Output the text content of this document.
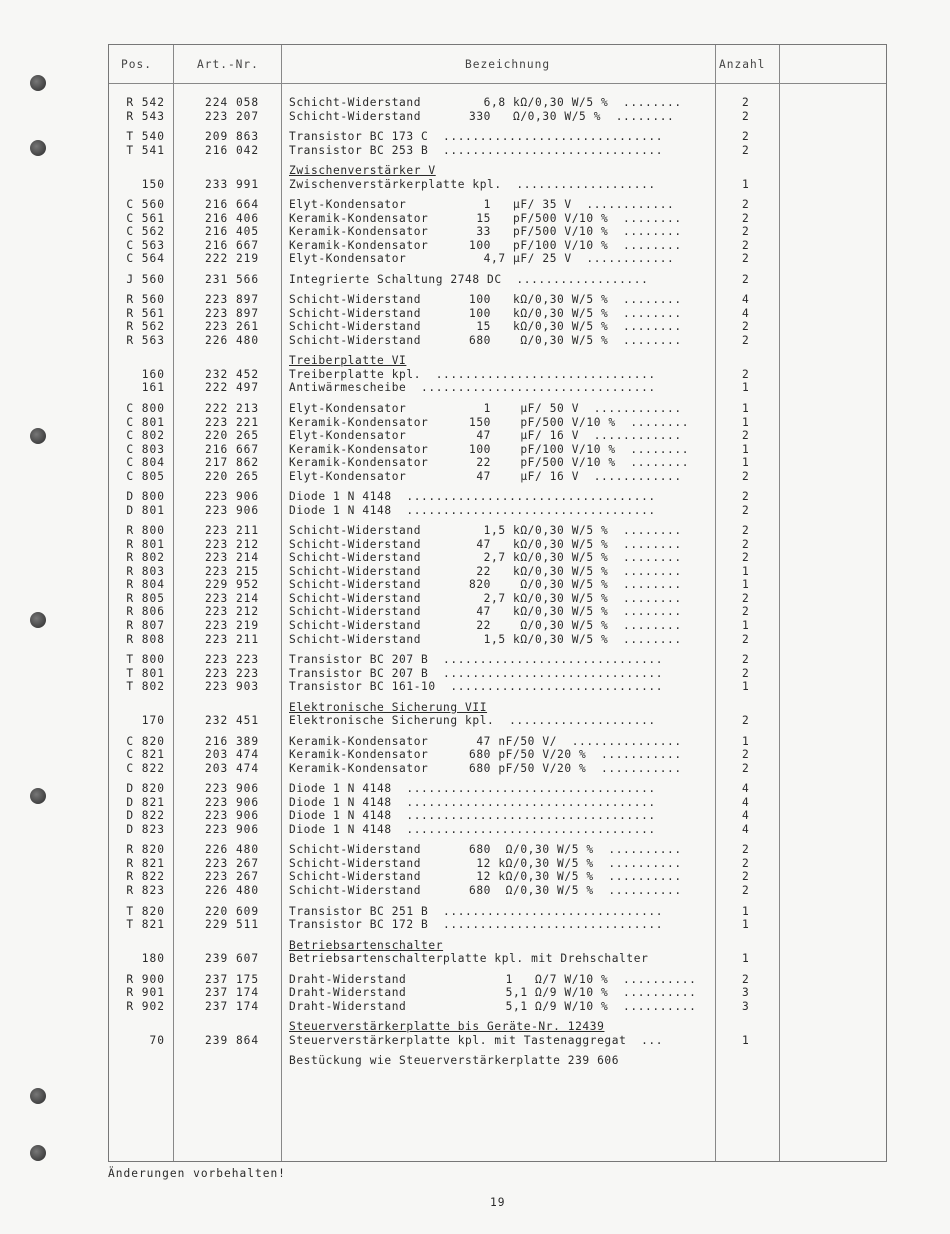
Pos.	Art.-Nr.	Bezeichnung	Anzahl
R 542	224 058	Schicht-Widerstand	6,8 kΩ/0,30 W/5 %  ........	2
R 543	223 207	Schicht-Widerstand	330   Ω/0,30 W/5 %  ........	2
T 540	209 863	Transistor BC 173 C  ..............................	2
T 541	216 042	Transistor BC 253 B  ..............................	2
Zwischenverstärker V
150	233 991	Zwischenverstärkerplatte kpl.  ...................	1
C 560	216 664	Elyt-Kondensator	1   µF/ 35 V  ............	2
C 561	216 406	Keramik-Kondensator	15   pF/500 V/10 %  ........	2
C 562	216 405	Keramik-Kondensator	33   pF/500 V/10 %  ........	2
C 563	216 667	Keramik-Kondensator	100   pF/100 V/10 %  ........	2
C 564	222 219	Elyt-Kondensator	4,7 µF/ 25 V  ............	2
J 560	231 566	Integrierte Schaltung 2748 DC  ..................	2
R 560	223 897	Schicht-Widerstand	100   kΩ/0,30 W/5 %  ........	4
R 561	223 897	Schicht-Widerstand	100   kΩ/0,30 W/5 %  ........	4
R 562	223 261	Schicht-Widerstand	15   kΩ/0,30 W/5 %  ........	2
R 563	226 480	Schicht-Widerstand	680    Ω/0,30 W/5 %  ........	2
Treiberplatte VI
160	232 452	Treiberplatte kpl.  ..............................	2
161	222 497	Antiwärmescheibe  ................................	1
C 800	222 213	Elyt-Kondensator	1    µF/ 50 V  ............	1
C 801	223 221	Keramik-Kondensator	150    pF/500 V/10 %  ........	1
C 802	220 265	Elyt-Kondensator	47    µF/ 16 V  ............	2
C 803	216 667	Keramik-Kondensator	100    pF/100 V/10 %  ........	1
C 804	217 862	Keramik-Kondensator	22    pF/500 V/10 %  ........	1
C 805	220 265	Elyt-Kondensator	47    µF/ 16 V  ............	2
D 800	223 906	Diode 1 N 4148  ..................................	2
D 801	223 906	Diode 1 N 4148  ..................................	2
R 800	223 211	Schicht-Widerstand	1,5 kΩ/0,30 W/5 %  ........	2
R 801	223 212	Schicht-Widerstand	47   kΩ/0,30 W/5 %  ........	2
R 802	223 214	Schicht-Widerstand	2,7 kΩ/0,30 W/5 %  ........	2
R 803	223 215	Schicht-Widerstand	22   kΩ/0,30 W/5 %  ........	1
R 804	229 952	Schicht-Widerstand	820    Ω/0,30 W/5 %  ........	1
R 805	223 214	Schicht-Widerstand	2,7 kΩ/0,30 W/5 %  ........	2
R 806	223 212	Schicht-Widerstand	47   kΩ/0,30 W/5 %  ........	2
R 807	223 219	Schicht-Widerstand	22    Ω/0,30 W/5 %  ........	1
R 808	223 211	Schicht-Widerstand	1,5 kΩ/0,30 W/5 %  ........	2
T 800	223 223	Transistor BC 207 B  ..............................	2
T 801	223 223	Transistor BC 207 B  ..............................	2
T 802	223 903	Transistor BC 161-10  .............................	1
Elektronische Sicherung VII
170	232 451	Elektronische Sicherung kpl.  ....................	2
C 820	216 389	Keramik-Kondensator	47 nF/50 V/  ...............	1
C 821	203 474	Keramik-Kondensator	680 pF/50 V/20 %  ...........	2
C 822	203 474	Keramik-Kondensator	680 pF/50 V/20 %  ...........	2
D 820	223 906	Diode 1 N 4148  ..................................	4
D 821	223 906	Diode 1 N 4148  ..................................	4
D 822	223 906	Diode 1 N 4148  ..................................	4
D 823	223 906	Diode 1 N 4148  ..................................	4
R 820	226 480	Schicht-Widerstand	680  Ω/0,30 W/5 %  ..........	2
R 821	223 267	Schicht-Widerstand	12 kΩ/0,30 W/5 %  ..........	2
R 822	223 267	Schicht-Widerstand	12 kΩ/0,30 W/5 %  ..........	2
R 823	226 480	Schicht-Widerstand	680  Ω/0,30 W/5 %  ..........	2
T 820	220 609	Transistor BC 251 B  ..............................	1
T 821	229 511	Transistor BC 172 B  ..............................	1
Betriebsartenschalter
180	239 607	Betriebsartenschalterplatte kpl. mit Drehschalter	1
R 900	237 175	Draht-Widerstand	1   Ω/7 W/10 %  ..........	2
R 901	237 174	Draht-Widerstand	5,1 Ω/9 W/10 %  ..........	3
R 902	237 174	Draht-Widerstand	5,1 Ω/9 W/10 %  ..........	3
Steuerverstärkerplatte bis Geräte-Nr. 12439
70	239 864	Steuerverstärkerplatte kpl. mit Tastenaggregat  ...	1
Bestückung wie Steuerverstärkerplatte 239 606
Änderungen vorbehalten!
19
